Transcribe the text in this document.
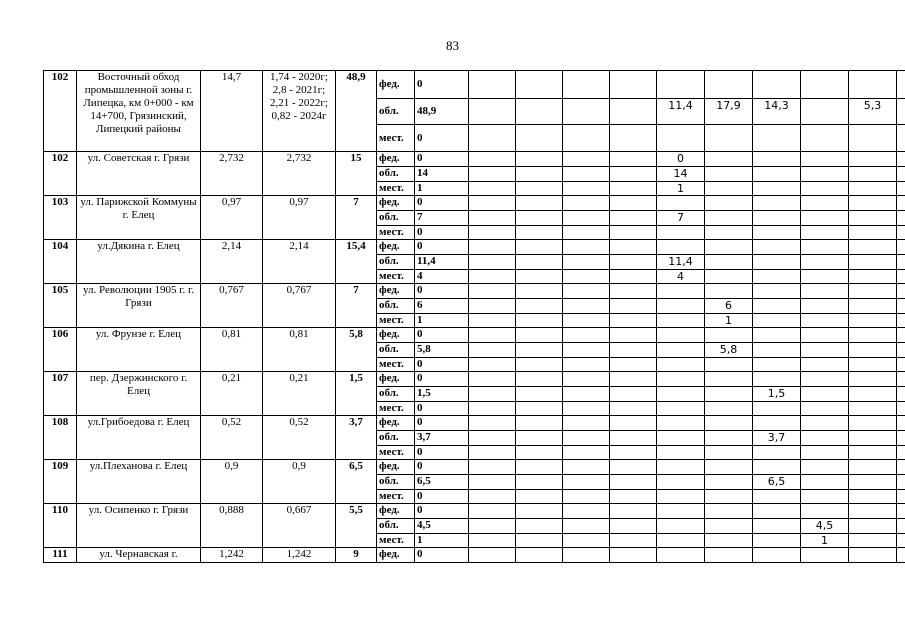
83
102	Восточный обход промышленной зоны г. Липецка, км 0+000 - км 14+700, Грязинский, Липецкий районы	14,7	1,74 - 2020г; 2,8 - 2021г; 2,21 - 2022г; 0,82 - 2024г	48,9	фед.	0										
					обл.	48,9					11,4	17,9	14,3		5,3	
					мест.	0										
102	ул. Советская г. Грязи	2,732	2,732	15	фед.	0					0					
					обл.	14					14					
					мест.	1					1					
103	ул. Парижской Коммуны г. Елец	0,97	0,97	7	фед.	0										
					обл.	7					7					
					мест.	0										
104	ул.Дякина г. Елец	2,14	2,14	15,4	фед.	0										
					обл.	11,4					11,4					
					мест.	4					4					
105	ул. Революции 1905 г. г. Грязи	0,767	0,767	7	фед.	0										
					обл.	6						6				
					мест.	1						1				
106	ул. Фрунзе г. Елец	0,81	0,81	5,8	фед.	0										
					обл.	5,8						5,8				
					мест.	0										
107	пер. Дзержинского г. Елец	0,21	0,21	1,5	фед.	0										
					обл.	1,5							1,5			
					мест.	0										
108	ул.Грибоедова г. Елец	0,52	0,52	3,7	фед.	0										
					обл.	3,7							3,7			
					мест.	0										
109	ул.Плеханова г. Елец	0,9	0,9	6,5	фед.	0										
					обл.	6,5							6,5			
					мест.	0										
110	ул. Осипенко г. Грязи	0,888	0,667	5,5	фед.	0										
					обл.	4,5								4,5		
					мест.	1								1		
111	ул. Чернавская г.	1,242	1,242	9	фед.	0										
